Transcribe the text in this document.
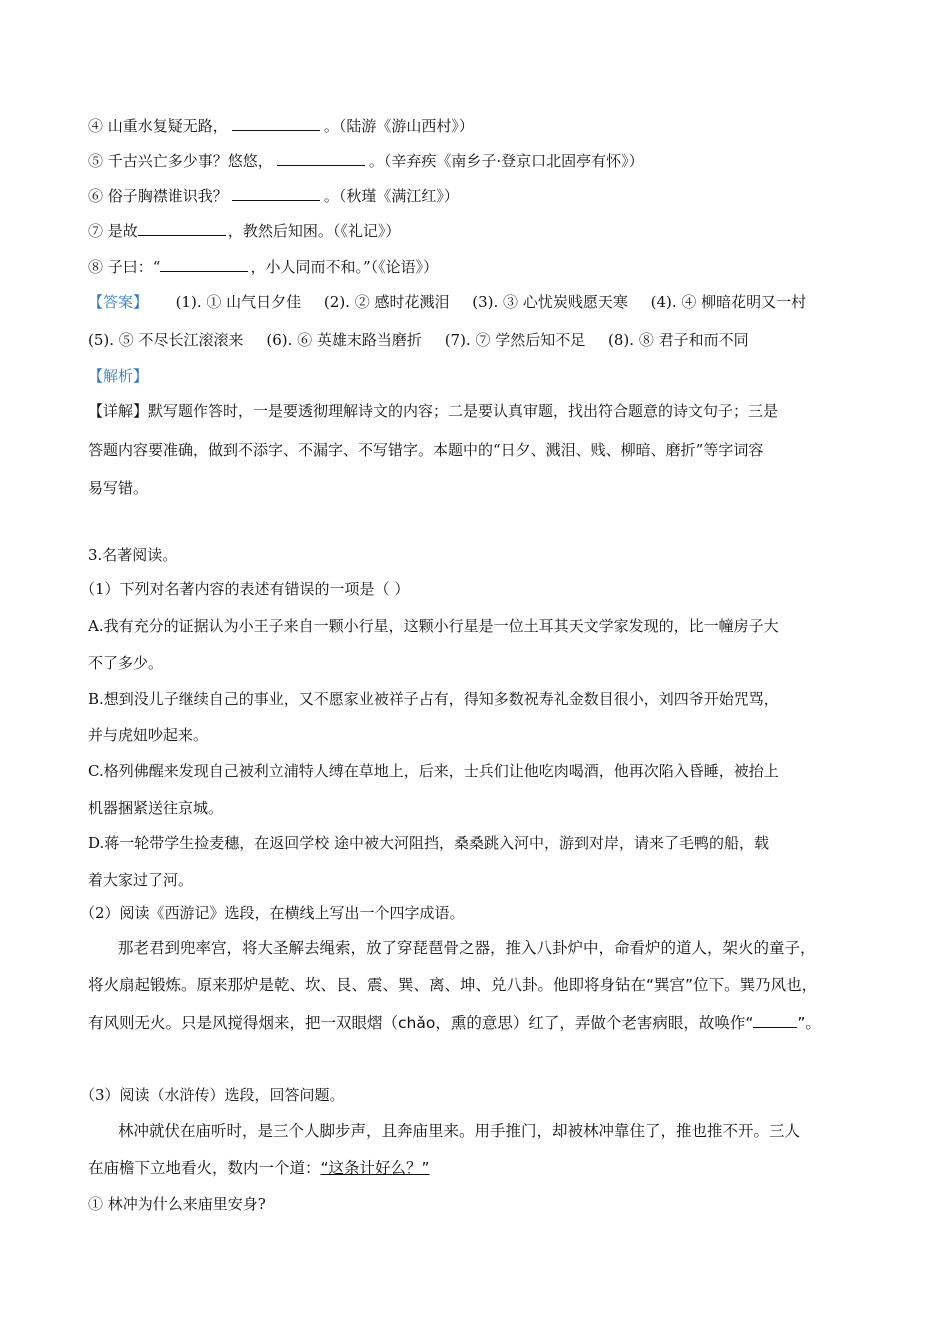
④ 山重水复疑无路，	。（陆游《游山西村》）
⑤ 千古兴亡多少事？悠悠，	。（辛弃疾《南乡子·登京口北固亭有怀》）
⑥ 俗子胸襟谁识我？	。（秋瑾《满江红》）
⑦ 是故	，教然后知困。（《礼记》）
⑧ 子曰：“	，小人同而不和。”（《论语》）
【答案】 (1). ① 山气日夕佳 (2). ② 感时花溅泪 (3). ③ 心忧炭贱愿天寒 (4). ④ 柳暗花明又一村
(5). ⑤ 不尽长江滚滚来 (6). ⑥ 英雄末路当磨折 (7). ⑦ 学然后知不足 (8). ⑧ 君子和而不同
【解析】
【详解】默写题作答时，一是要透彻理解诗文的内容；二是要认真审题，找出符合题意的诗文句子；三是
答题内容要准确，做到不添字、不漏字、不写错字。本题中的“日夕、溅泪、贱、柳暗、磨折”等字词容
易写错。
3.名著阅读。
（1）下列对名著内容的表述有错误的一项是（ ）
A.我有充分的证据认为小王子来自一颗小行星，这颗小行星是一位土耳其天文学家发现的，比一幢房子大
不了多少。
B.想到没儿子继续自己的事业，又不愿家业被祥子占有，得知多数祝寿礼金数目很小，刘四爷开始咒骂，
并与虎妞吵起来。
C.格列佛醒来发现自己被利立浦特人缚在草地上，后来，士兵们让他吃肉喝酒，他再次陷入昏睡，被抬上
机器捆紧送往京城。
D.蒋一轮带学生捡麦穗，在返回学校 途中被大河阻挡，桑桑跳入河中，游到对岸，请来了毛鸭的船，载
着大家过了河。
（2）阅读《西游记》选段，在横线上写出一个四字成语。
那老君到兜率宫，将大圣解去绳索，放了穿琵琶骨之器，推入八卦炉中，命看炉的道人，架火的童子，
将火扇起锻炼。原来那炉是乾、坎、艮、震、巽、离、坤、兑八卦。他即将身钻在“巽宫”位下。巽乃风也，
有风则无火。只是风搅得烟来，把一双眼熠（chǎo，熏的意思）红了，弄做个老害病眼，故唤作“	”。
（3）阅读（水浒传）选段，回答问题。
林冲就伏在庙听时，是三个人脚步声，且奔庙里来。用手推门，却被林冲靠住了，推也推不开。三人
在庙檐下立地看火，数内一个道：“这条计好么？”
① 林冲为什么来庙里安身?
